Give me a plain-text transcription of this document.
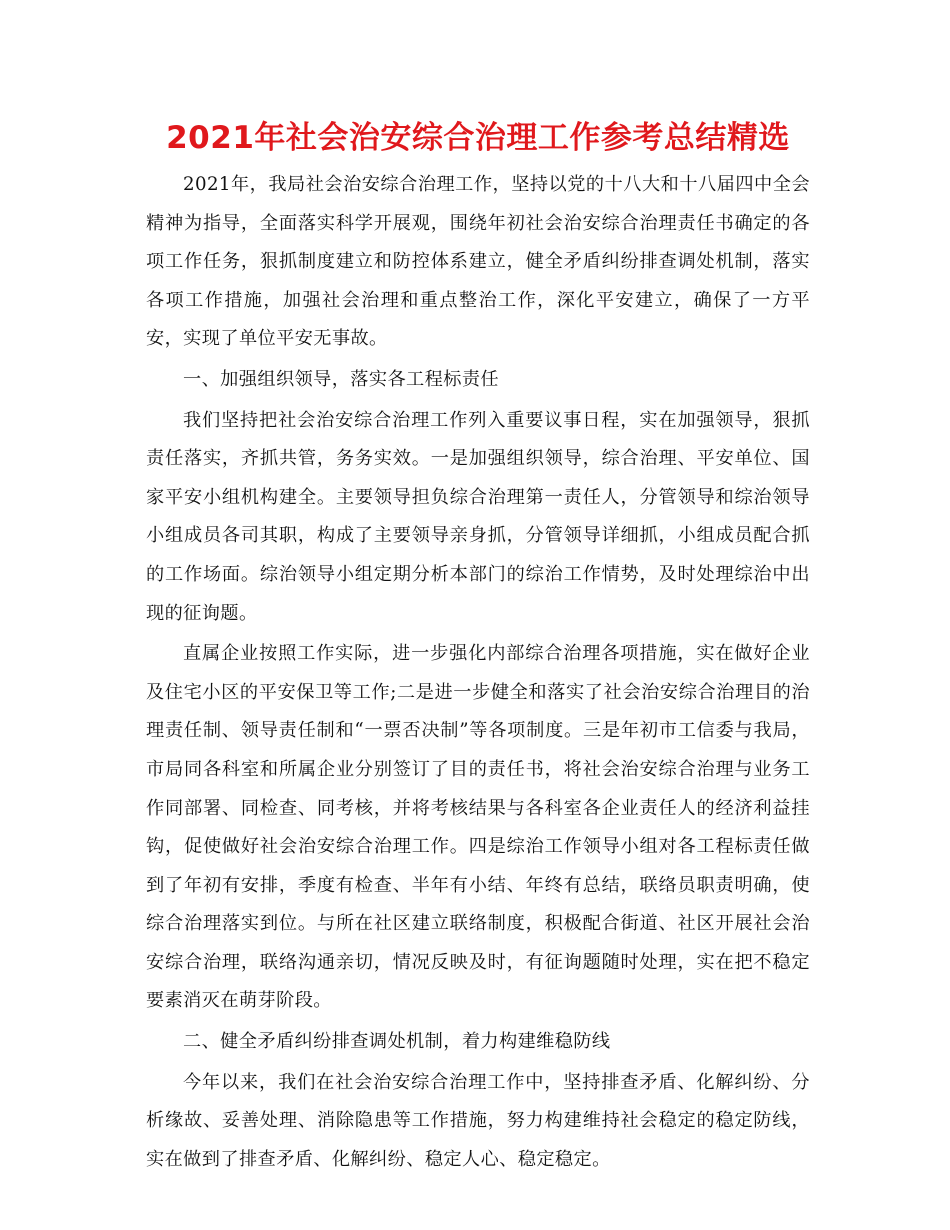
2021年社会治安综合治理工作参考总结精选

2021年，我局社会治安综合治理工作，坚持以党的十八大和十八届四中全会精神为指导，全面落实科学开展观，围绕年初社会治安综合治理责任书确定的各项工作任务，狠抓制度建立和防控体系建立，健全矛盾纠纷排查调处机制，落实各项工作措施，加强社会治理和重点整治工作，深化平安建立，确保了一方平安，实现了单位平安无事故。

一、加强组织领导，落实各工程标责任

我们坚持把社会治安综合治理工作列入重要议事日程，实在加强领导，狠抓责任落实，齐抓共管，务务实效。一是加强组织领导，综合治理、平安单位、国家平安小组机构建全。主要领导担负综合治理第一责任人，分管领导和综治领导小组成员各司其职，构成了主要领导亲身抓，分管领导详细抓，小组成员配合抓的工作场面。综治领导小组定期分析本部门的综治工作情势，及时处理综治中出现的征询题。

直属企业按照工作实际，进一步强化内部综合治理各项措施，实在做好企业及住宅小区的平安保卫等工作;二是进一步健全和落实了社会治安综合治理目的治理责任制、领导责任制和“一票否决制”等各项制度。三是年初市工信委与我局，市局同各科室和所属企业分别签订了目的责任书，将社会治安综合治理与业务工作同部署、同检查、同考核，并将考核结果与各科室各企业责任人的经济利益挂钩，促使做好社会治安综合治理工作。四是综治工作领导小组对各工程标责任做到了年初有安排，季度有检查、半年有小结、年终有总结，联络员职责明确，使综合治理落实到位。与所在社区建立联络制度，积极配合街道、社区开展社会治安综合治理，联络沟通亲切，情况反映及时，有征询题随时处理，实在把不稳定要素消灭在萌芽阶段。

二、健全矛盾纠纷排查调处机制，着力构建维稳防线

今年以来，我们在社会治安综合治理工作中，坚持排查矛盾、化解纠纷、分析缘故、妥善处理、消除隐患等工作措施，努力构建维持社会稳定的稳定防线，实在做到了排查矛盾、化解纠纷、稳定人心、稳定稳定。
